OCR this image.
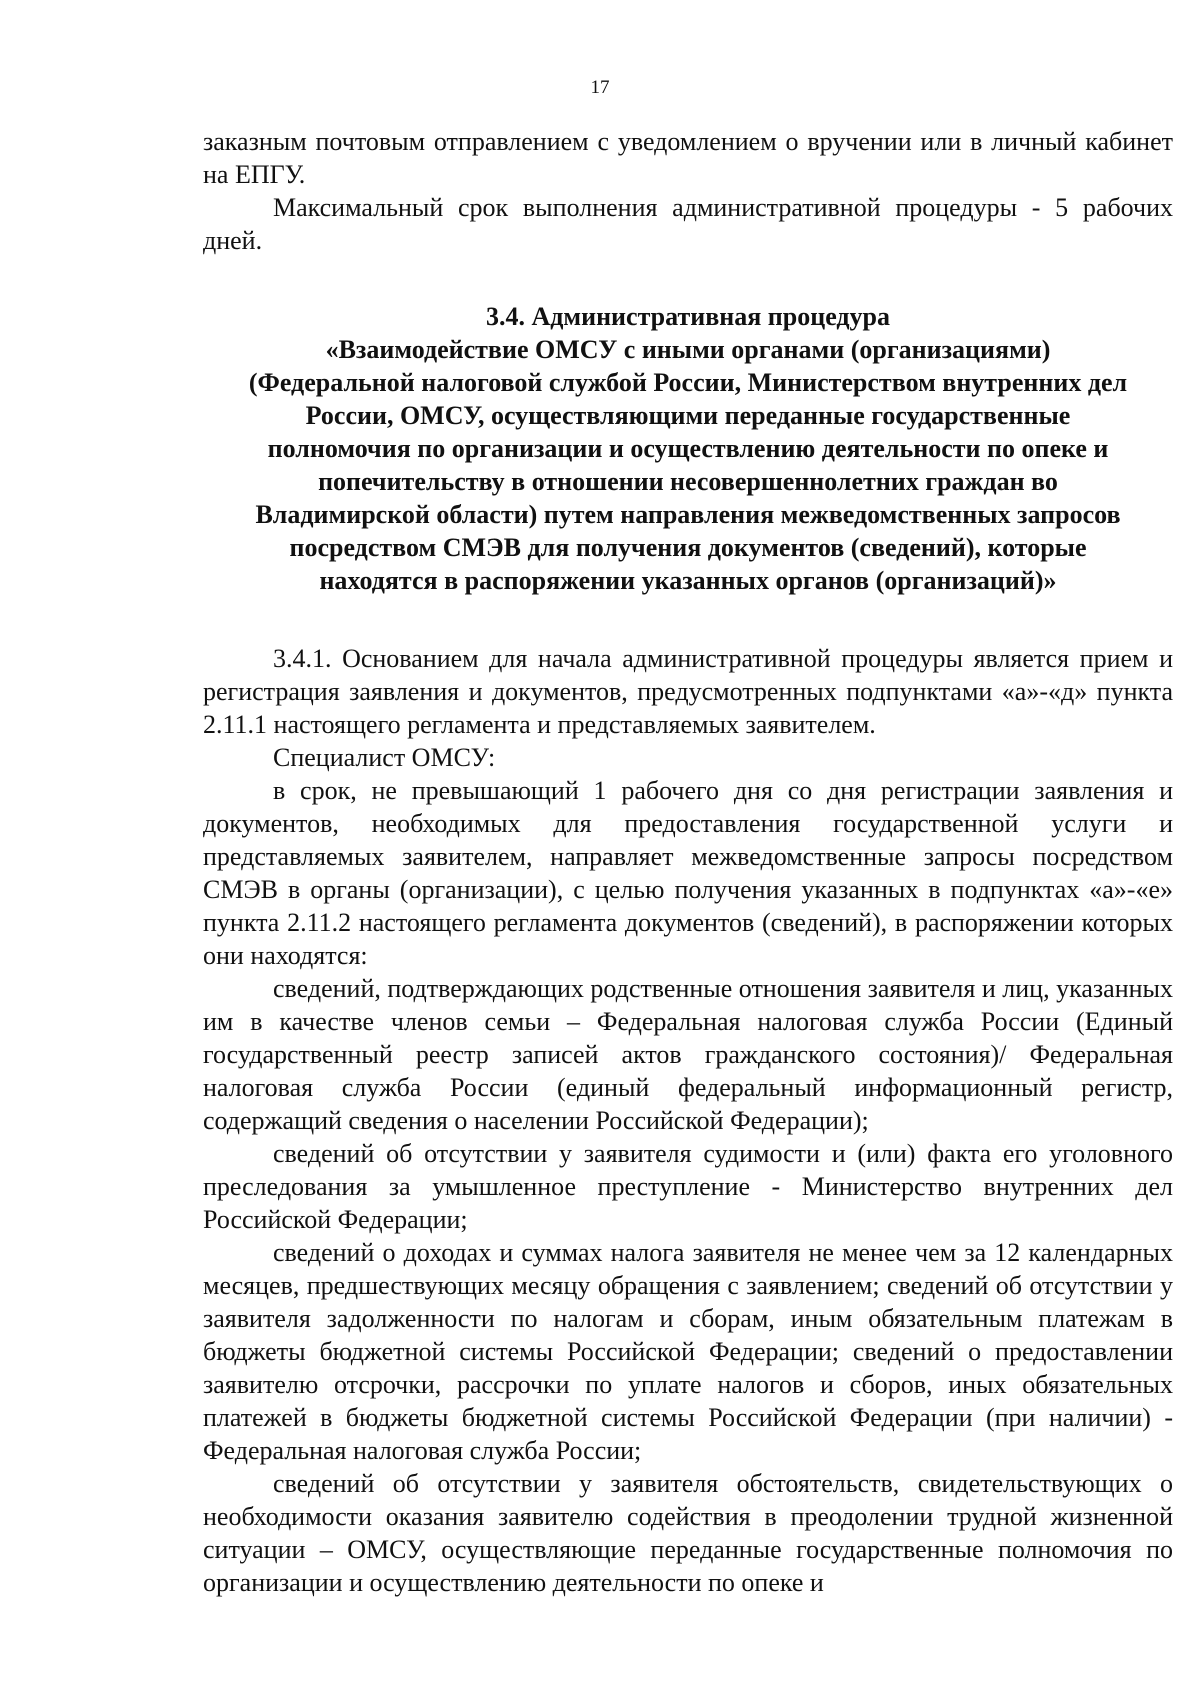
17

заказным почтовым отправлением с уведомлением о вручении или в личный кабинет на ЕПГУ.

Максимальный срок выполнения административной процедуры - 5 рабочих дней.

3.4. Административная процедура
«Взаимодействие ОМСУ с иными органами (организациями)
(Федеральной налоговой службой России, Министерством внутренних дел
России, ОМСУ, осуществляющими переданные государственные
полномочия по организации и осуществлению деятельности по опеке и
попечительству в отношении несовершеннолетних граждан во
Владимирской области) путем направления межведомственных запросов
посредством СМЭВ для получения документов (сведений), которые
находятся в распоряжении указанных органов (организаций)»

3.4.1. Основанием для начала административной процедуры является прием и регистрация заявления и документов, предусмотренных подпунктами «а»-«д» пункта 2.11.1 настоящего регламента и представляемых заявителем.

Специалист ОМСУ:

в срок, не превышающий 1 рабочего дня со дня регистрации заявления и документов, необходимых для предоставления государственной услуги и представляемых заявителем, направляет межведомственные запросы посредством СМЭВ в органы (организации), с целью получения указанных в подпунктах «а»-«е» пункта 2.11.2 настоящего регламента документов (сведений), в распоряжении которых они находятся:

сведений, подтверждающих родственные отношения заявителя и лиц, указанных им в качестве членов семьи – Федеральная налоговая служба России (Единый государственный реестр записей актов гражданского состояния)/ Федеральная налоговая служба России (единый федеральный информационный регистр, содержащий сведения о населении Российской Федерации);

сведений об отсутствии у заявителя судимости и (или) факта его уголовного преследования за умышленное преступление - Министерство внутренних дел Российской Федерации;

сведений о доходах и суммах налога заявителя не менее чем за 12 календарных месяцев, предшествующих месяцу обращения с заявлением; сведений об отсутствии у заявителя задолженности по налогам и сборам, иным обязательным платежам в бюджеты бюджетной системы Российской Федерации; сведений о предоставлении заявителю отсрочки, рассрочки по уплате налогов и сборов, иных обязательных платежей в бюджеты бюджетной системы Российской Федерации (при наличии) - Федеральная налоговая служба России;

сведений об отсутствии у заявителя обстоятельств, свидетельствующих о необходимости оказания заявителю содействия в преодолении трудной жизненной ситуации – ОМСУ, осуществляющие переданные государственные полномочия по организации и осуществлению деятельности по опеке и
